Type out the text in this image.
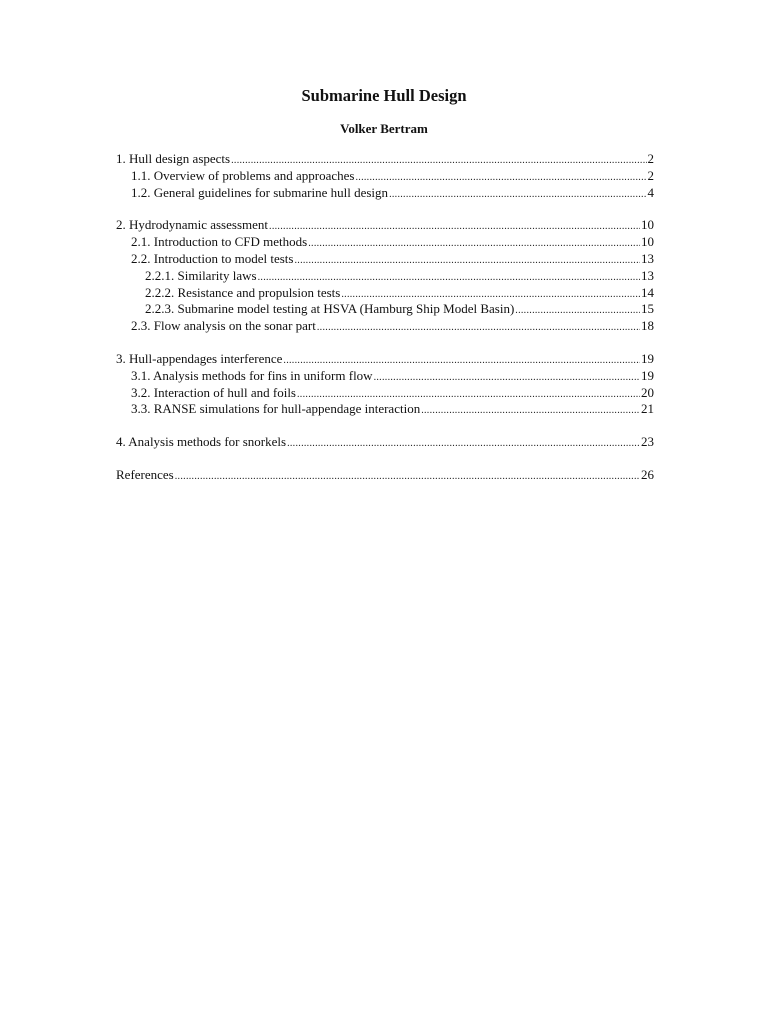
Submarine Hull Design
Volker Bertram
1. Hull design aspects .....	2
1.1. Overview of problems and approaches .....	2
1.2. General guidelines for submarine hull design .....	4
2. Hydrodynamic assessment .....	10
2.1. Introduction to CFD methods .....	10
2.2. Introduction to model tests .....	13
2.2.1. Similarity laws .....	13
2.2.2. Resistance and propulsion tests .....	14
2.2.3. Submarine model testing at HSVA (Hamburg Ship Model Basin) .....	15
2.3. Flow analysis on the sonar part .....	18
3. Hull-appendages interference .....	19
3.1. Analysis methods for fins in uniform flow .....	19
3.2. Interaction of hull and foils .....	20
3.3. RANSE simulations for hull-appendage interaction .....	21
4. Analysis methods for snorkels .....	23
References .....	26
